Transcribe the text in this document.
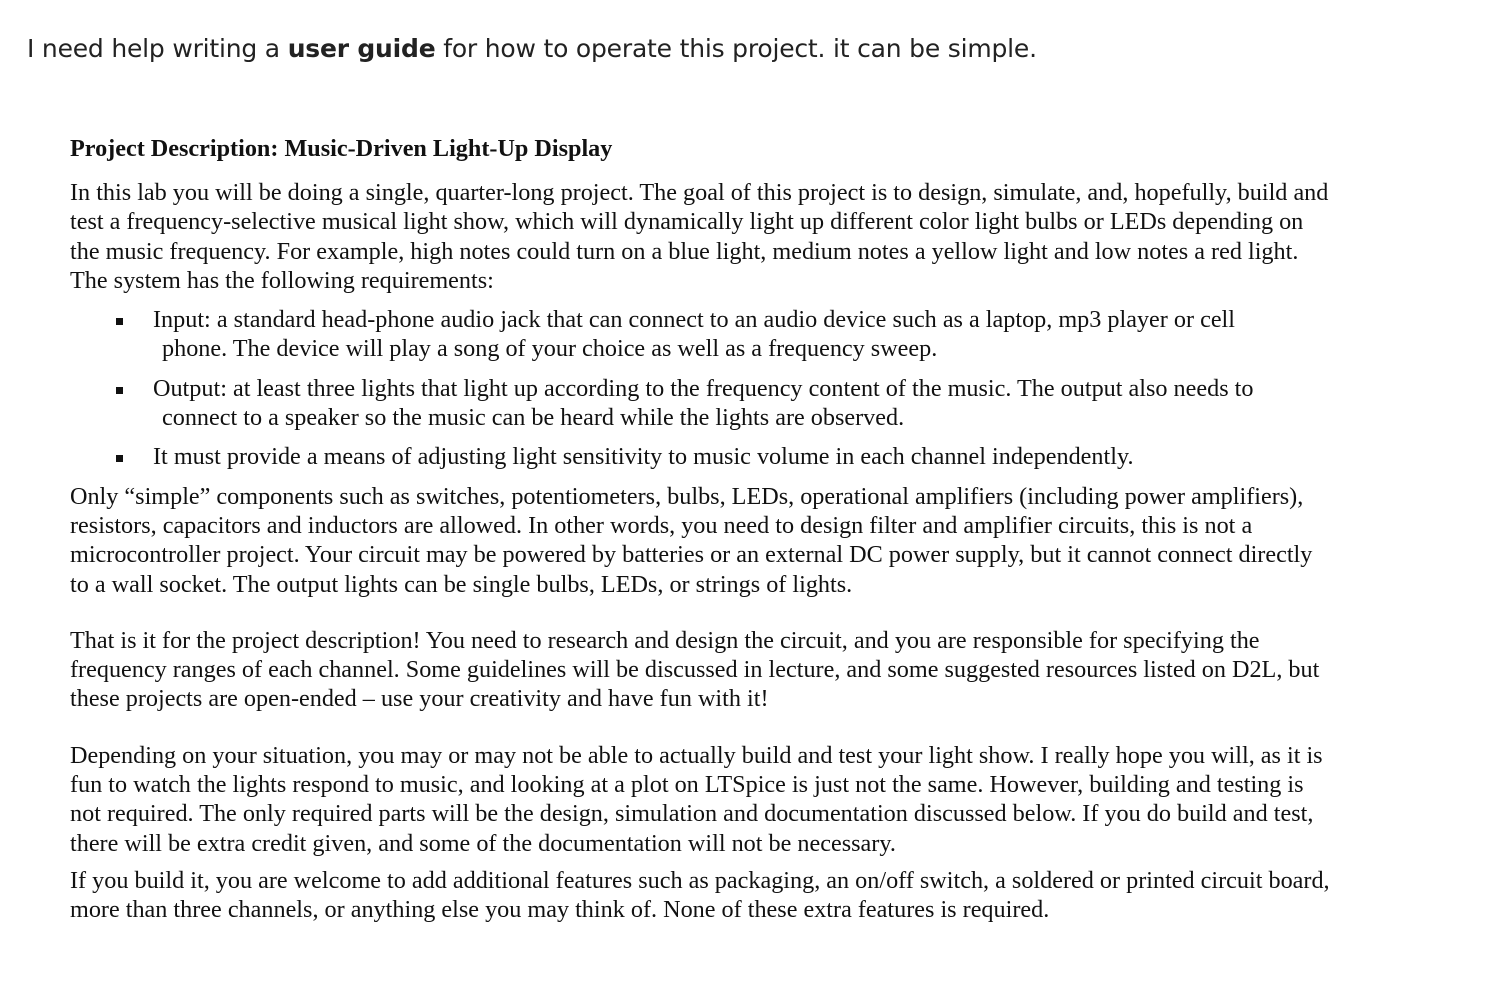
I need help writing a user guide for how to operate this project. it can be simple.

Project Description: Music-Driven Light-Up Display

In this lab you will be doing a single, quarter-long project. The goal of this project is to design, simulate, and, hopefully, build and test a frequency-selective musical light show, which will dynamically light up different color light bulbs or LEDs depending on the music frequency. For example, high notes could turn on a blue light, medium notes a yellow light and low notes a red light. The system has the following requirements:

Input: a standard head-phone audio jack that can connect to an audio device such as a laptop, mp3 player or cell
phone. The device will play a song of your choice as well as a frequency sweep.
Output: at least three lights that light up according to the frequency content of the music. The output also needs to
connect to a speaker so the music can be heard while the lights are observed.
It must provide a means of adjusting light sensitivity to music volume in each channel independently.

Only “simple” components such as switches, potentiometers, bulbs, LEDs, operational amplifiers (including power amplifiers), resistors, capacitors and inductors are allowed. In other words, you need to design filter and amplifier circuits, this is not a microcontroller project. Your circuit may be powered by batteries or an external DC power supply, but it cannot connect directly to a wall socket. The output lights can be single bulbs, LEDs, or strings of lights.

That is it for the project description! You need to research and design the circuit, and you are responsible for specifying the frequency ranges of each channel. Some guidelines will be discussed in lecture, and some suggested resources listed on D2L, but these projects are open-ended – use your creativity and have fun with it!

Depending on your situation, you may or may not be able to actually build and test your light show. I really hope you will, as it is fun to watch the lights respond to music, and looking at a plot on LTSpice is just not the same. However, building and testing is not required. The only required parts will be the design, simulation and documentation discussed below. If you do build and test, there will be extra credit given, and some of the documentation will not be necessary.

If you build it, you are welcome to add additional features such as packaging, an on/off switch, a soldered or printed circuit board, more than three channels, or anything else you may think of. None of these extra features is required.
